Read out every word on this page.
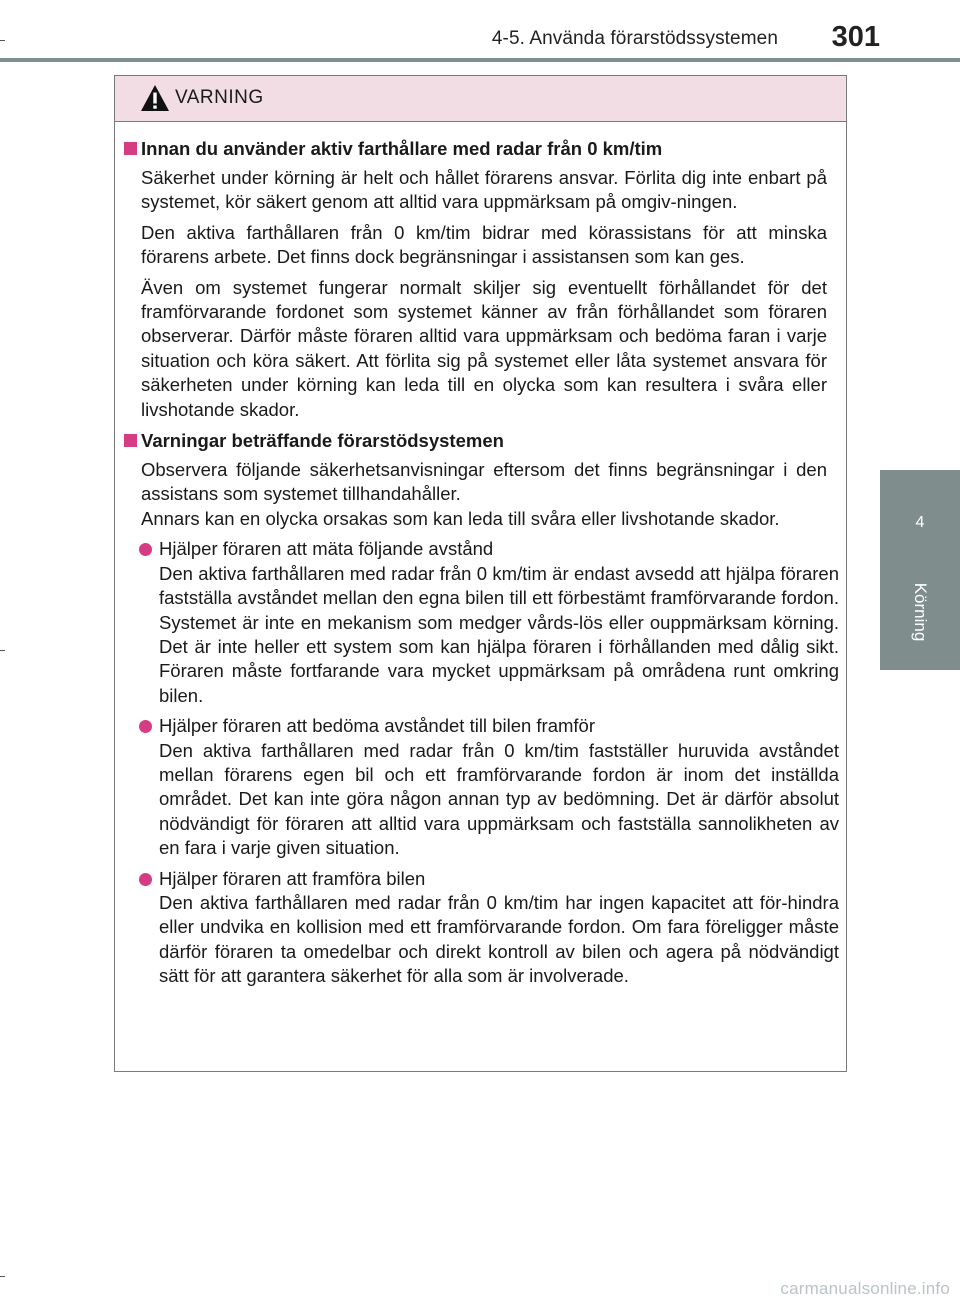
4-5. Använda förarstödssystemen 301
4
Körning
VARNING
Innan du använder aktiv farthållare med radar från 0 km/tim

Säkerhet under körning är helt och hållet förarens ansvar. Förlita dig inte enbart på systemet, kör säkert genom att alltid vara uppmärksam på omgiv-ningen.

Den aktiva farthållaren från 0 km/tim bidrar med körassistans för att minska förarens arbete. Det finns dock begränsningar i assistansen som kan ges.

Även om systemet fungerar normalt skiljer sig eventuellt förhållandet för det framförvarande fordonet som systemet känner av från förhållandet som föraren observerar. Därför måste föraren alltid vara uppmärksam och bedöma faran i varje situation och köra säkert. Att förlita sig på systemet eller låta systemet ansvara för säkerheten under körning kan leda till en olycka som kan resultera i svåra eller livshotande skador.

Varningar beträffande förarstödsystemen

Observera följande säkerhetsanvisningar eftersom det finns begränsningar i den assistans som systemet tillhandahåller.

Annars kan en olycka orsakas som kan leda till svåra eller livshotande skador.

Hjälper föraren att mäta följande avstånd
Den aktiva farthållaren med radar från 0 km/tim är endast avsedd att hjälpa föraren fastställa avståndet mellan den egna bilen till ett förbestämt framförvarande fordon. Systemet är inte en mekanism som medger vårds-lös eller ouppmärksam körning. Det är inte heller ett system som kan hjälpa föraren i förhållanden med dålig sikt. Föraren måste fortfarande vara mycket uppmärksam på områdena runt omkring bilen.
Hjälper föraren att bedöma avståndet till bilen framför
Den aktiva farthållaren med radar från 0 km/tim fastställer huruvida avståndet mellan förarens egen bil och ett framförvarande fordon är inom det inställda området. Det kan inte göra någon annan typ av bedömning. Det är därför absolut nödvändigt för föraren att alltid vara uppmärksam och fastställa sannolikheten av en fara i varje given situation.
Hjälper föraren att framföra bilen
Den aktiva farthållaren med radar från 0 km/tim har ingen kapacitet att för-hindra eller undvika en kollision med ett framförvarande fordon. Om fara föreligger måste därför föraren ta omedelbar och direkt kontroll av bilen och agera på nödvändigt sätt för att garantera säkerhet för alla som är involverade.
carmanualsonline.info
